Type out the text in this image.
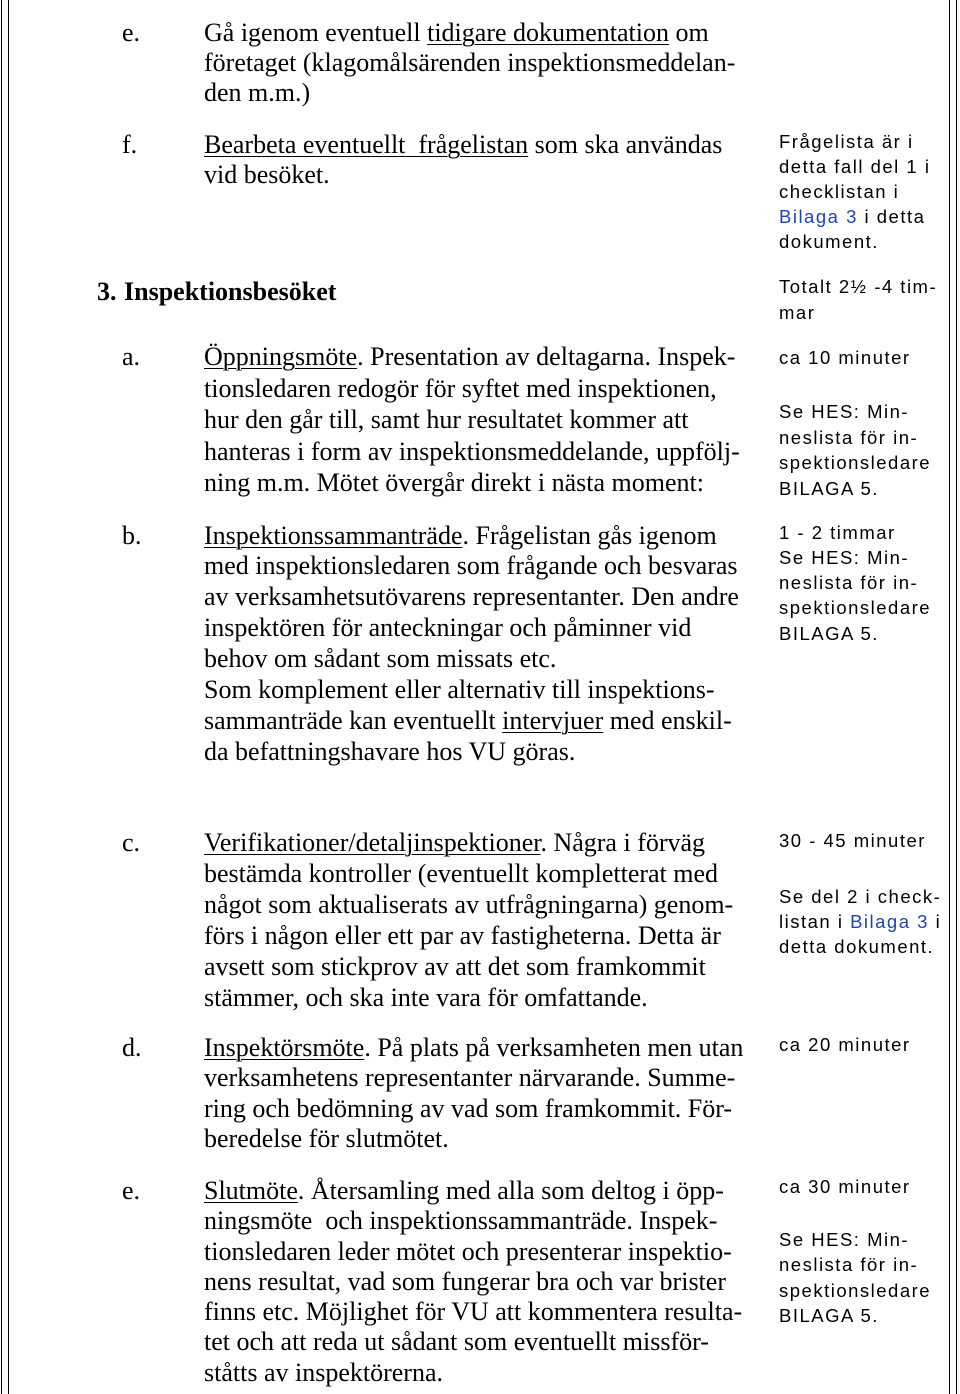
e. Gå igenom eventuell tidigare dokumentation om
företaget (klagomålsärenden inspektionsmeddelan-
den m.m.)
f.	Bearbeta eventuellt  frågelistan som ska användas
vid besöket.
Frågelista är i
detta fall del 1 i
checklistan i
Bilaga 3 i detta
dokument.
3. Inspektionsbesöket	Totalt 2½ -4 tim-
mar
a. Öppningsmöte. Presentation av deltagarna. Inspek-
tionsledaren redogör för syftet med inspektionen,
hur den går till, samt hur resultatet kommer att
hanteras i form av inspektionsmeddelande, uppfölj-
ning m.m. Mötet övergår direkt i nästa moment:
ca 10 minuter
Se HES: Min-
neslista för in-
spektionsledare
BILAGA 5.
b. Inspektionssammanträde. Frågelistan gås igenom
med inspektionsledaren som frågande och besvaras
av verksamhetsutövarens representanter. Den andre
inspektören för anteckningar och påminner vid
behov om sådant som missats etc.
Som komplement eller alternativ till inspektions-
sammanträde kan eventuellt intervjuer med enskil-
da befattningshavare hos VU göras.
1 - 2 timmar
Se HES: Min-
neslista för in-
spektionsledare
BILAGA 5.
c. Verifikationer/detaljinspektioner. Några i förväg
bestämda kontroller (eventuellt kompletterat med
något som aktualiserats av utfrågningarna) genom-
förs i någon eller ett par av fastigheterna. Detta är
avsett som stickprov av att det som framkommit
stämmer, och ska inte vara för omfattande.
30 - 45 minuter
Se del 2 i check-
listan i Bilaga 3 i
detta dokument.
d. Inspektörsmöte. På plats på verksamheten men utan
verksamhetens representanter närvarande. Summe-
ring och bedömning av vad som framkommit. För-
beredelse för slutmötet.
ca 20 minuter
e. Slutmöte. Återsamling med alla som deltog i öpp-
ningsmöte  och inspektionssammanträde. Inspek-
tionsledaren leder mötet och presenterar inspektio-
nens resultat, vad som fungerar bra och var brister
finns etc. Möjlighet för VU att kommentera resulta-
tet och att reda ut sådant som eventuellt missför-
ståtts av inspektörerna.
ca 30 minuter
Se HES: Min-
neslista för in-
spektionsledare
BILAGA 5.
